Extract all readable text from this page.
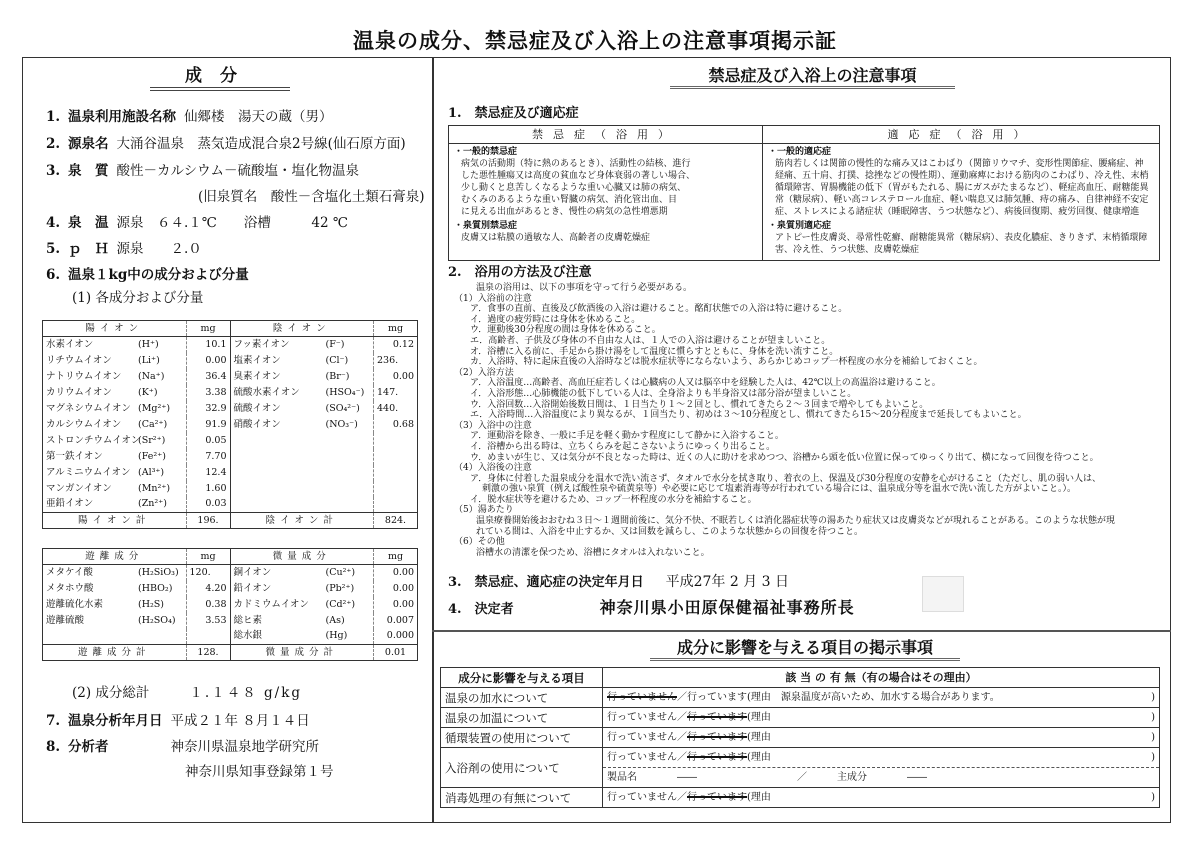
温泉の成分、禁忌症及び入浴上の注意事項掲示証
成分
1. 温泉利用施設名称 仙郷楼　湯天の蔵（男）
2. 源泉名 大涌谷温泉　蒸気造成混合泉2号線(仙石原方面)
3. 泉　質 酸性－カルシウム－硫酸塩・塩化物温泉
(旧泉質名　酸性－含塩化土類石膏泉)
4. 泉　温 源泉　６４.１℃　　浴槽　　　42 ℃
5. ｐ　Ｈ 源泉　　２.０
6. 温泉１kg中の成分および分量
(1) 各成分および分量
陽イオン	mg	陰イオン	mg
水素イオン (H⁺)	10.1	フッ素イオン (F⁻)	0.12
リチウムイオン (Li⁺)	0.00	塩素イオン (Cl⁻)	236.
ナトリウムイオン (Na⁺)	36.4	臭素イオン (Br⁻)	0.00
カリウムイオン (K⁺)	3.38	硫酸水素イオン (HSO₄⁻)	147.
マグネシウムイオン (Mg²⁺)	32.9	硫酸イオン (SO₄²⁻)	440.
カルシウムイオン (Ca²⁺)	91.9	硝酸イオン (NO₃⁻)	0.68
ストロンチウムイオン(Sr²⁺)	0.05		
第一鉄イオン (Fe²⁺)	7.70		
アルミニウムイオン (Al³⁺)	12.4		
マンガンイオン (Mn²⁺)	1.60		
亜鉛イオン (Zn²⁺)	0.03		
陽イオン計	196.	陰イオン計	824.
遊離成分	mg	微量成分	mg
メタケイ酸 (H₂SiO₃)	120.	銅イオン (Cu²⁺)	0.00
メタホウ酸 (HBO₂)	4.20	鉛イオン (Pb²⁺)	0.00
遊離硫化水素 (H₂S)	0.38	カドミウムイオン (Cd²⁺)	0.00
遊離硫酸 (H₂SO₄)	3.53	総ヒ素 (As)	0.007
		総水銀 (Hg)	0.000
遊離成分計	128.	微量成分計	0.01
(2) 成分総計	１.１４８ g/kg
7. 温泉分析年月日 平成２１年 ８月１４日
8. 分析者	神奈川県温泉地学研究所
神奈川県知事登録第１号
禁忌症及び入浴上の注意事項
1.　禁忌症及び適応症
禁忌症（浴用）
・一般的禁忌症
病気の活動期（特に熱のあるとき）、活動性の結核、進行
した悪性腫瘍又は高度の貧血など身体衰弱の著しい場合、
少し動くと息苦しくなるような重い心臓又は肺の病気、
むくみのあるような重い腎臓の病気、消化管出血、目
に見える出血があるとき、慢性の病気の急性増悪期
・泉質別禁忌症
皮膚又は粘膜の過敏な人、高齢者の皮膚乾燥症
適応症（浴用）
・一般的適応症
筋肉若しくは関節の慢性的な痛み又はこわばり（関節リウマチ、変形性関節症、腰痛症、神
経痛、五十肩、打撲、捻挫などの慢性期）、運動麻痺における筋肉のこわばり、冷え性、末梢
循環障害、胃腸機能の低下（胃がもたれる、腸にガスがたまるなど）、軽症高血圧、耐糖能異
常（糖尿病）、軽い高コレステロール血症、軽い喘息又は肺気腫、痔の痛み、自律神経不安定
症、ストレスによる諸症状（睡眠障害、うつ状態など）、病後回復期、疲労回復、健康増進
・泉質別適応症
アトピー性皮膚炎、尋常性乾癬、耐糖能異常（糖尿病）、表皮化膿症、きりきず、末梢循環障
害、冷え性、うつ状態、皮膚乾燥症
2.　浴用の方法及び注意
温泉の浴用は、以下の事項を守って行う必要がある。
（1）入浴前の注意
ア．食事の直前、直後及び飲酒後の入浴は避けること。酩酊状態での入浴は特に避けること。
イ．過度の疲労時には身体を休めること。
ウ．運動後30分程度の間は身体を休めること。
エ．高齢者、子供及び身体の不自由な人は、１人での入浴は避けることが望ましいこと。
オ．浴槽に入る前に、手足から掛け湯をして温度に慣らすとともに、身体を洗い流すこと。
カ．入浴時、特に起床直後の入浴時などは脱水症状等にならないよう、あらかじめコップ一杯程度の水分を補給しておくこと。
（2）入浴方法
ア．入浴温度…高齢者、高血圧症若しくは心臓病の人又は脳卒中を経験した人は、42℃以上の高温浴は避けること。
イ．入浴形態…心肺機能の低下している人は、全身浴よりも半身浴又は部分浴が望ましいこと。
ウ．入浴回数…入浴開始後数日間は、１日当たり１～２回とし、慣れてきたら２～３回まで増やしてもよいこと。
エ．入浴時間…入浴温度により異なるが、１回当たり、初めは３～10分程度とし、慣れてきたら15～20分程度まで延長してもよいこと。
（3）入浴中の注意
ア．運動浴を除き、一般に手足を軽く動かす程度にして静かに入浴すること。
イ．浴槽から出る時は、立ちくらみを起こさないようにゆっくり出ること。
ウ．めまいが生じ、又は気分が不良となった時は、近くの人に助けを求めつつ、浴槽から頭を低い位置に保ってゆっくり出て、横になって回復を待つこと。
（4）入浴後の注意
ア．身体に付着した温泉成分を温水で洗い流さず、タオルで水分を拭き取り、着衣の上、保温及び30分程度の安静を心がけること（ただし、肌の弱い人は、
刺激の強い泉質（例えば酸性泉や硫黄泉等）や必要に応じて塩素消毒等が行われている場合には、温泉成分等を温水で洗い流した方がよいこと。）。
イ．脱水症状等を避けるため、コップ一杯程度の水分を補給すること。
（5）湯あたり
温泉療養開始後おおむね３日～１週間前後に、気分不快、不眠若しくは消化器症状等の湯あたり症状又は皮膚炎などが現れることがある。このような状態が現
れている間は、入浴を中止するか、又は回数を減らし、このような状態からの回復を待つこと。
（6）その他
浴槽水の清潔を保つため、浴槽にタオルは入れないこと。
3.　禁忌症、適応症の決定年月日 平成27年 2 月 3 日
4.　決定者	神奈川県小田原保健福祉事務所長
成分に影響を与える項目の掲示事項
成分に影響を与える項目	該 当 の 有 無（有の場合はその理由）
温泉の加水について	行っていません／行っています(理由　源泉温度が高いため、加水する場合があります。 )

温泉の加温について	行っていません／行っています(理由 )

循環装置の使用について	行っていません／行っています(理由 )

入浴剤の使用について	行っていません／行っています(理由 )

	製品名 ―― ／ 主成分 ――
消毒処理の有無について	行っていません／行っています(理由 )
